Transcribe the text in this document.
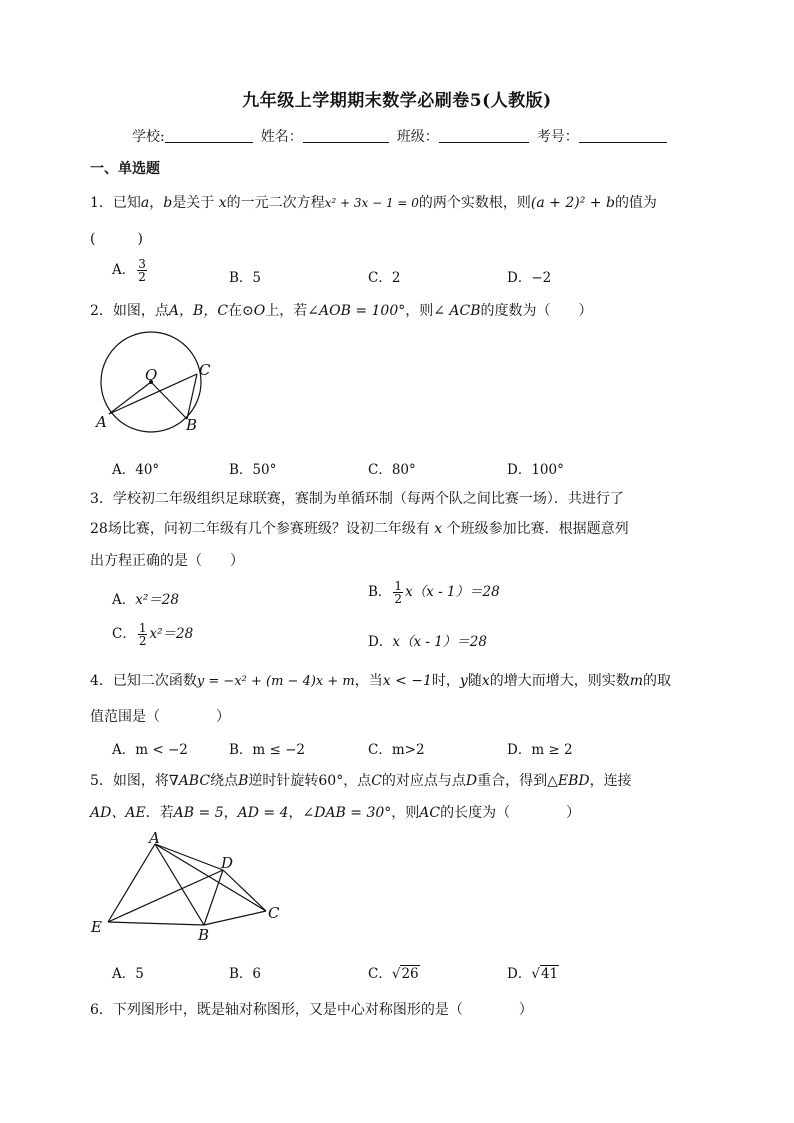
九年级上学期期末数学必刷卷5(人教版)
学校:	姓名：	班级：	考号：
一、单选题
1．已知a，b是关于 x的一元二次方程x² + 3x − 1 = 0的两个实数根，则(a + 2)² + b的值为
(　　　)
A． $\frac{3}{2}$	B．5	C．2	D．−2
2．如图，点A，B，C在⊙O上，若∠AOB = 100°，则∠ ACB的度数为（　　）
O
A	B
C
A．40°	B．50°	C．80°	D．100°
3．学校初二年级组织足球联赛，赛制为单循环制（每两个队之间比赛一场）．共进行了
28场比赛，问初二年级有几个参赛班级？设初二年级有 x 个班级参加比赛．根据题意列
出方程正确的是（　　）
A．x²＝28	B． $\frac{1}{2} x(x - 1)=28$
C． $\frac{1}{2} x^2=28$	D．x（x - 1）＝28
4．已知二次函数y = −x² + (m − 4)x + m，当x < −1时，y随x的增大而增大，则实数m的取
值范围是（　　　　）
A．m < −2	B．m ≤ −2	C．m>2	D．m ≥ 2
5．如图，将∇ABC绕点B逆时针旋转60°，点C的对应点与点D重合，得到△EBD，连接
AD、AE．若AB = 5，AD = 4，∠DAB = 30°，则AC的长度为（　　　　）
A
D
C
E	B
A．5	B．6	C．√26	D．√41
6．下列图形中，既是轴对称图形，又是中心对称图形的是（　　　　）
